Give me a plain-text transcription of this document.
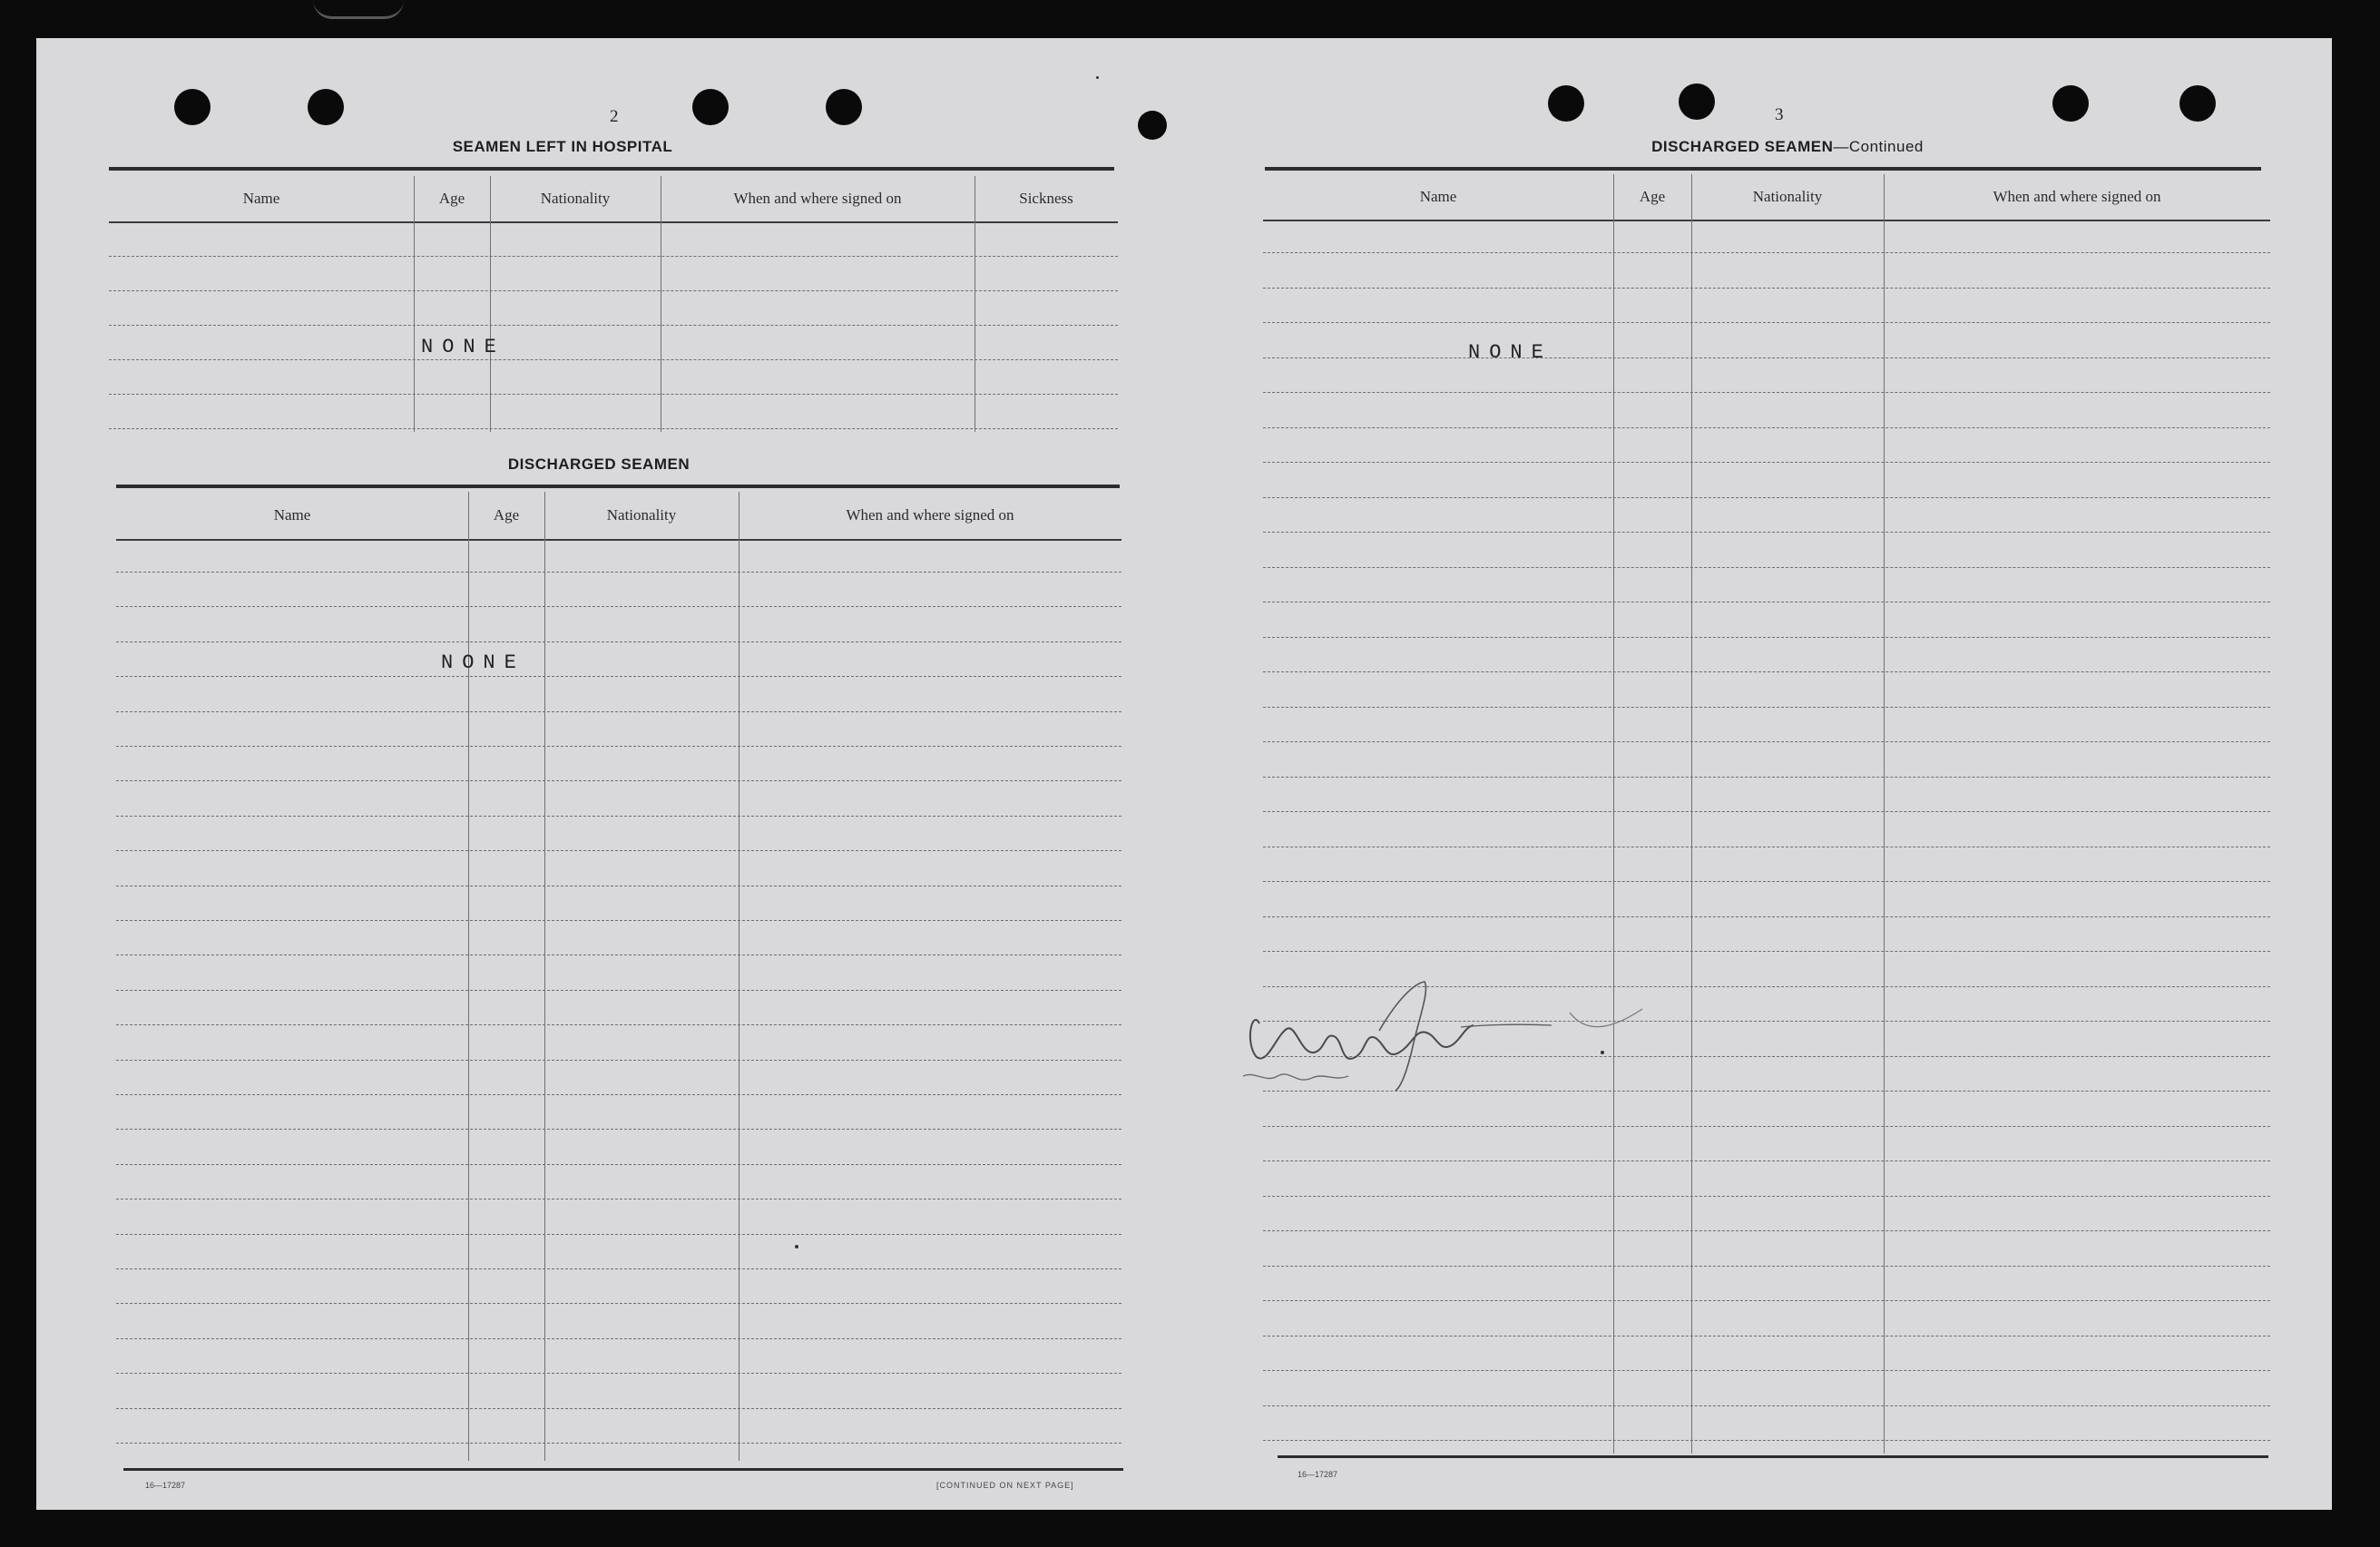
2
SEAMEN LEFT IN HOSPITAL
Name	Age	Nationality	When and where signed on	Sickness
NONE
DISCHARGED SEAMEN
Name	Age	Nationality	When and where signed on
NONE
16—17287	[CONTINUED ON NEXT PAGE]
3
DISCHARGED SEAMEN—Continued
Name	Age	Nationality	When and where signed on
NONE
16—17287
